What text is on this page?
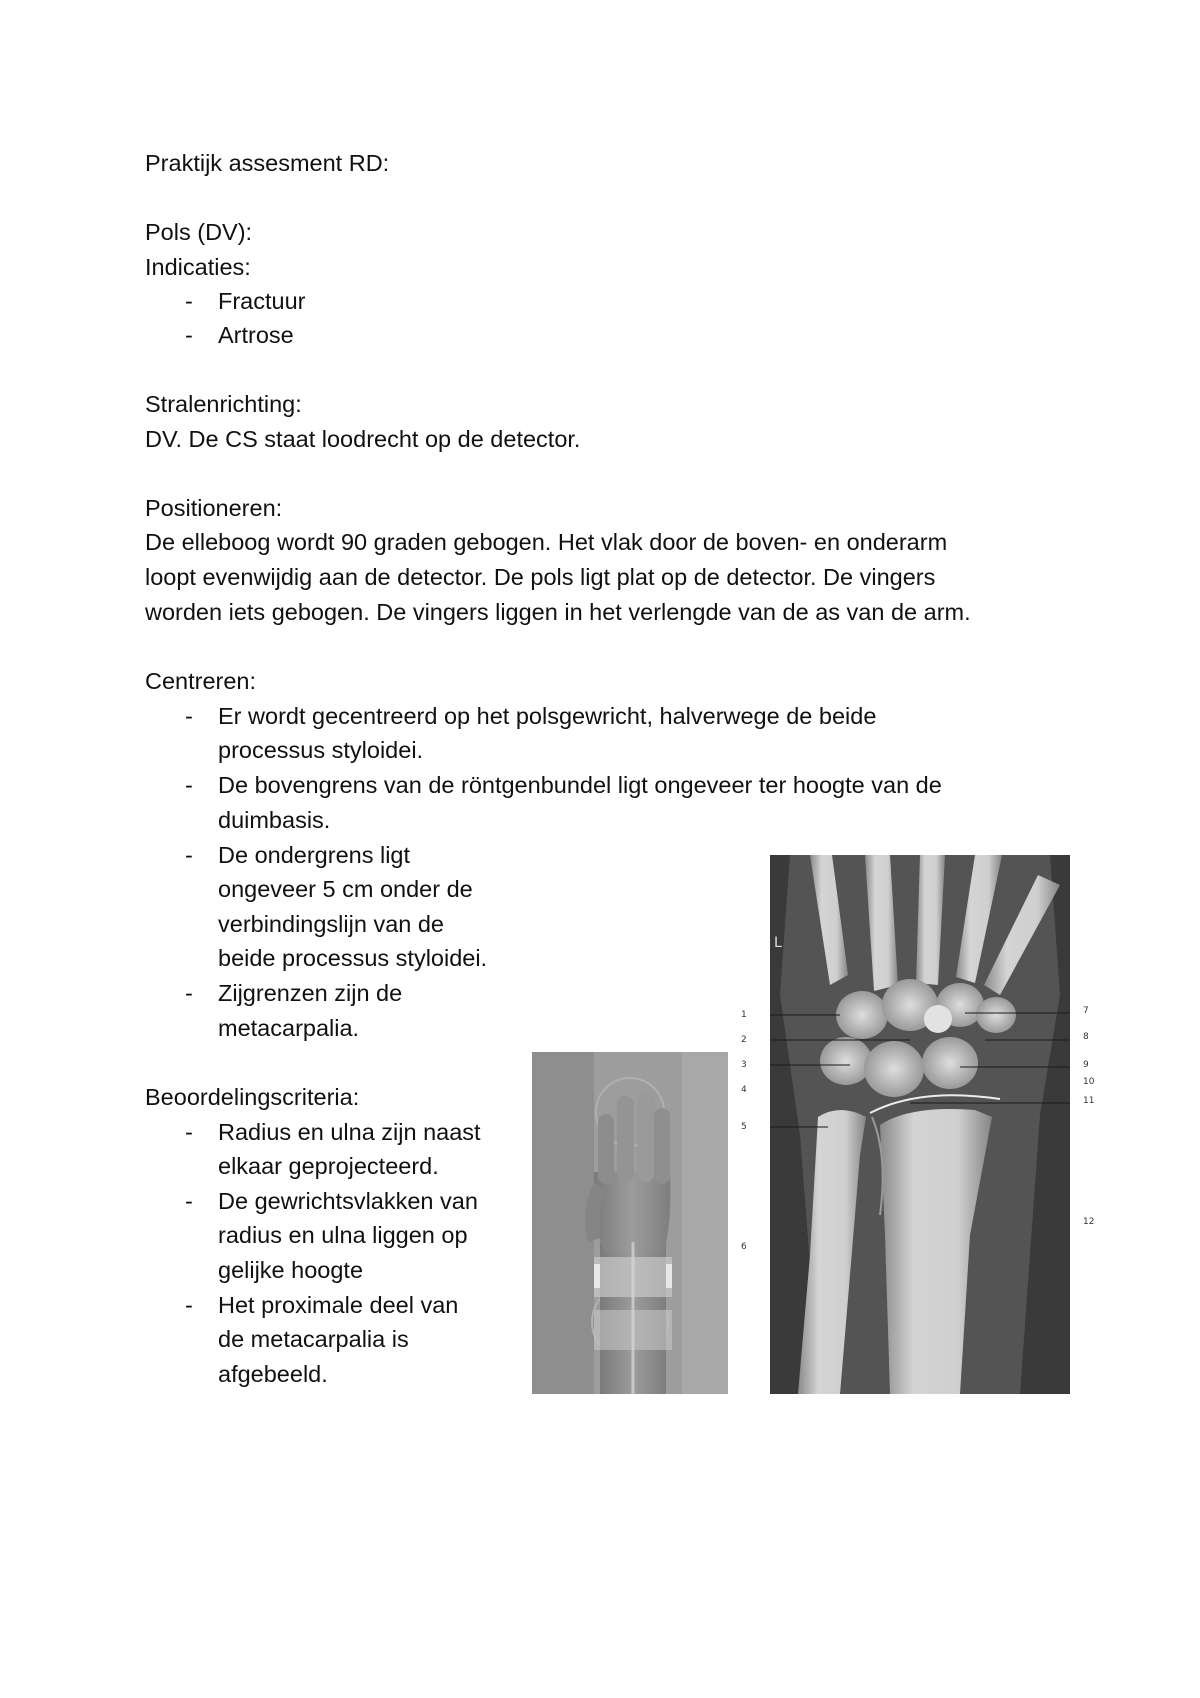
Praktijk assesment RD:
Pols (DV):
Indicaties:
- Fractuur
- Artrose
Stralenrichting:
DV. De CS staat loodrecht op de detector.
Positioneren:
De elleboog wordt 90 graden gebogen. Het vlak door de boven- en onderarm
loopt evenwijdig aan de detector. De pols ligt plat op de detector. De vingers
worden iets gebogen. De vingers liggen in het verlengde van de as van de arm.
Centreren:
- Er wordt gecentreerd op het polsgewricht, halverwege de beide
processus styloidei.
- De bovengrens van de röntgenbundel ligt ongeveer ter hoogte van de
duimbasis.
- De ondergrens ligt
ongeveer 5 cm onder de
verbindingslijn van de
beide processus styloidei.
- Zijgrenzen zijn de
metacarpalia.
Beoordelingscriteria:
- Radius en ulna zijn naast
elkaar geprojecteerd.
- De gewrichtsvlakken van
radius en ulna liggen op
gelijke hoogte
- Het proximale deel van
de metacarpalia is
afgebeeld.
L
1
2
3
4
5
6
7
8
9
10
11
12
